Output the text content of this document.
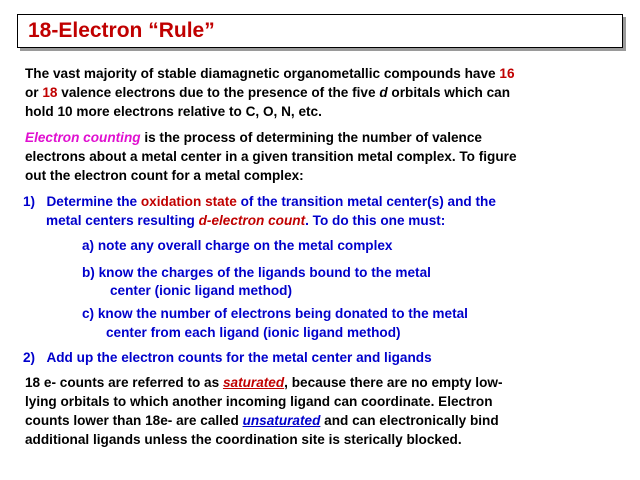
18-Electron “Rule”
The vast majority of stable diamagnetic organometallic compounds have 16
or 18 valence electrons due to the presence of the five d orbitals which can
hold 10 more electrons relative to C, O, N, etc.
Electron counting is the process of determining the number of valence
electrons about a metal center in a given transition metal complex. To figure
out the electron count for a metal complex:
1) Determine the oxidation state of the transition metal center(s) and the
metal centers resulting d-electron count. To do this one must:
a) note any overall charge on the metal complex
b) know the charges of the ligands bound to the metal
center (ionic ligand method)
c) know the number of electrons being donated to the metal
center from each ligand (ionic ligand method)
2) Add up the electron counts for the metal center and ligands
18 e- counts are referred to as saturated, because there are no empty low-
lying orbitals to which another incoming ligand can coordinate. Electron
counts lower than 18e- are called unsaturated and can electronically bind
additional ligands unless the coordination site is sterically blocked.
